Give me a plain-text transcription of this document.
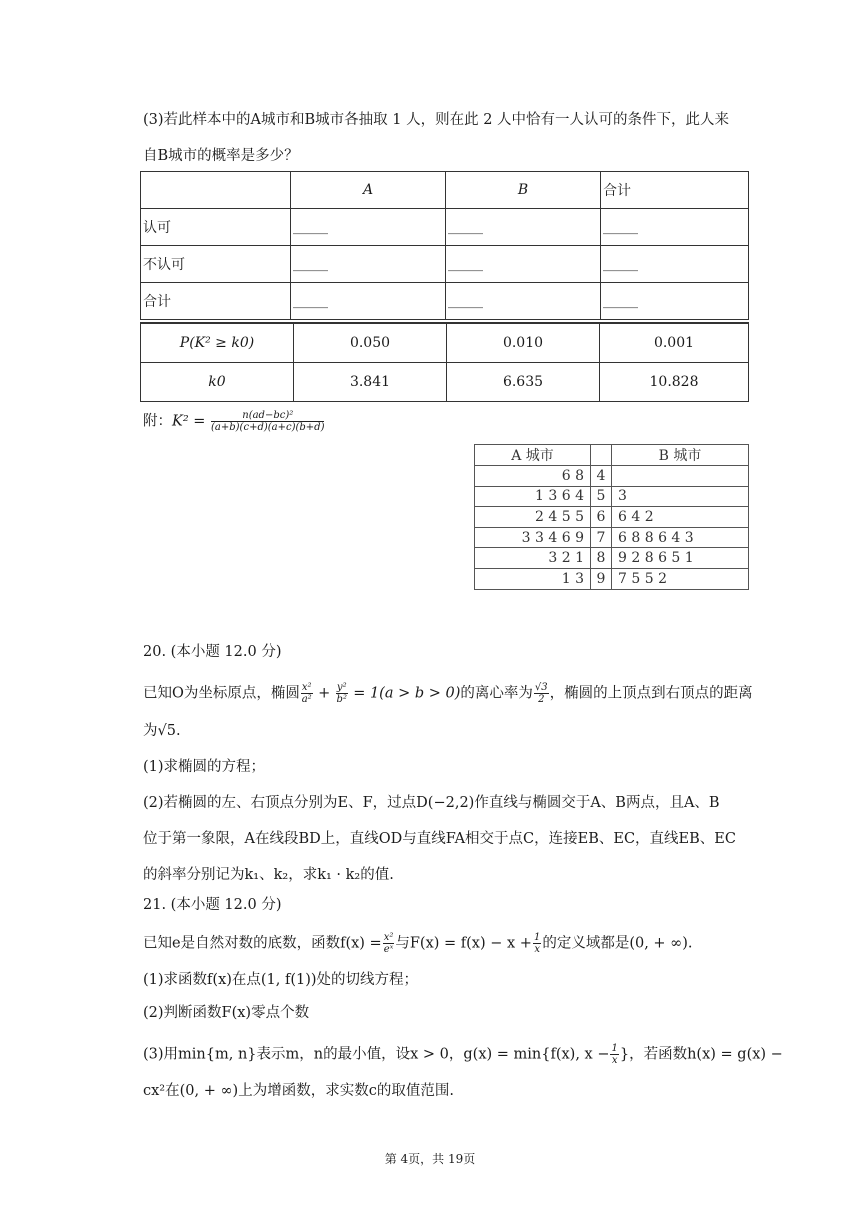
(3)若此样本中的A城市和B城市各抽取 1 人，则在此 2 人中恰有一人认可的条件下，此人来
自B城市的概率是多少？
	A	B	合计
认可	_____	_____	_____
不认可	_____	_____	_____
合计	_____	_____	_____
P(K² ≥ k0)	0.050	0.010	0.001
k0	3.841	6.635	10.828
附：$K^2 = \frac{\text{n(ad−bc)²}}{(a+b)(c+d)(a+c)(b+d)}$
A 城市		B 城市
6 8	4	
1 3 6 4	5	3
2 4 5 5	6	6 4 2
3 3 4 6 9	7	6 8 8 6 4 3
3 2 1	8	9 2 8 6 5 1
1 3	9	7 5 5 2
20. (本小题 12.0 分)
已知O为坐标原点，椭圆 $\frac{\text{x²}}{\text{a²}} + \frac{\text{y²}}{\text{b²}} = 1(a > b > 0)$的离心率为 $\frac{√3}{2}$ ，椭圆的上顶点到右顶点的距离
为√5.
(1)求椭圆的方程；
(2)若椭圆的左、右顶点分别为E、F，过点D(−2,2)作直线与椭圆交于A、B两点，且A、B
位于第一象限，A在线段BD上，直线OD与直线FA相交于点C，连接EB、EC，直线EB、EC
的斜率分别记为k₁、k₂，求k₁ · k₂的值.
21. (本小题 12.0 分)
已知e是自然对数的底数，函数$f(x) = \frac{\text{x²}}{\text{eˣ}}$ 与$F(x) = f(x) - x + \frac{1}{x}$ 的定义域都是(0, + ∞).
(1)求函数f(x)在点(1, f(1))处的切线方程；
(2)判断函数F(x)零点个数
(3)用min{m, n}表示m，n的最小值，设x > 0，g(x) = min{f(x), $x - \frac{1}{x}$ }，若函数h(x) = g(x) −
cx²在(0, + ∞)上为增函数，求实数c的取值范围.
第 4页，共 19页
